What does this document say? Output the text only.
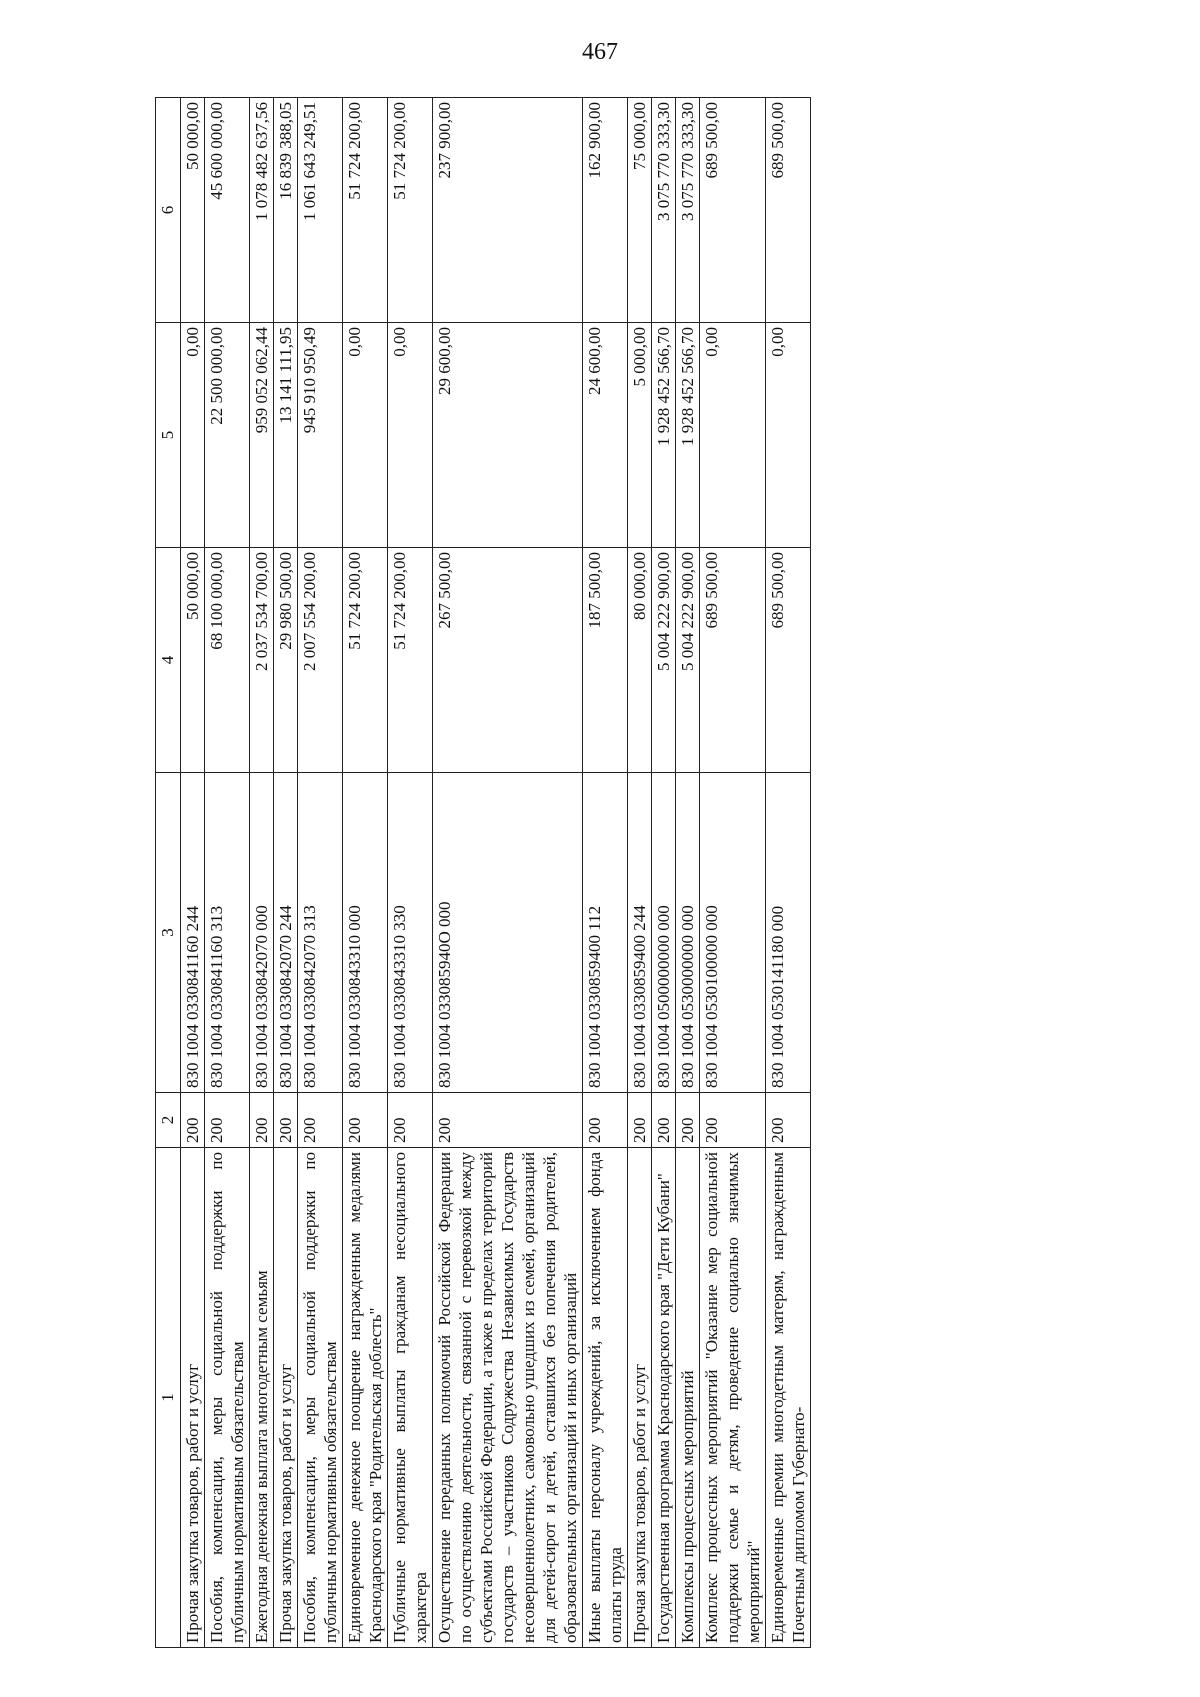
467
1	2	3	4	5	6
Прочая закупка товаров, работ и услуг	200	830 1004 0330841160 244	50 000,00	0,00	50 000,00
Пособия, компенсации, меры социальной поддержки по публичным нормативным обязательствам	200	830 1004 0330841160 313	68 100 000,00	22 500 000,00	45 600 000,00
Ежегодная денежная выплата многодетным семьям	200	830 1004 0330842070 000	2 037 534 700,00	959 052 062,44	1 078 482 637,56
Прочая закупка товаров, работ и услуг	200	830 1004 0330842070 244	29 980 500,00	13 141 111,95	16 839 388,05
Пособия, компенсации, меры социальной поддержки по публичным нормативным обязательствам	200	830 1004 0330842070 313	2 007 554 200,00	945 910 950,49	1 061 643 249,51
Единовременное денежное поощрение награжденным медалями Краснодарского края "Родительская доблесть"	200	830 1004 0330843310 000	51 724 200,00	0,00	51 724 200,00
Публичные нормативные выплаты гражданам несоциального характера	200	830 1004 0330843310 330	51 724 200,00	0,00	51 724 200,00
Осуществление переданных полномочий Российской Федерации по осуществлению деятельности, связанной с перевозкой между субъектами Российской Федерации, а также в пределах территорий государств – участников Содружества Независимых Государств несовершеннолетних, самовольно ушедших из семей, организаций для детей-сирот и детей, оставшихся без попечения родителей, образовательных организаций и иных организаций	200	830 1004 033085940О 000	267 500,00	29 600,00	237 900,00
Иные выплаты персоналу учреждений, за исключением фонда оплаты труда	200	830 1004 0330859400 112	187 500,00	24 600,00	162 900,00
Прочая закупка товаров, работ и услуг	200	830 1004 0330859400 244	80 000,00	5 000,00	75 000,00
Государственная программа Краснодарского края "Дети Кубани"	200	830 1004 0500000000 000	5 004 222 900,00	1 928 452 566,70	3 075 770 333,30
Комплексы процессных мероприятий	200	830 1004 0530000000 000	5 004 222 900,00	1 928 452 566,70	3 075 770 333,30
Комплекс процессных мероприятий "Оказание мер социальной поддержки семье и детям, проведение социально значимых мероприятий"	200	830 1004 0530100000 000	689 500,00	0,00	689 500,00
Единовременные премии многодетным матерям, награжденным Почетным дипломом Губернато-	200	830 1004 0530141180 000	689 500,00	0,00	689 500,00
